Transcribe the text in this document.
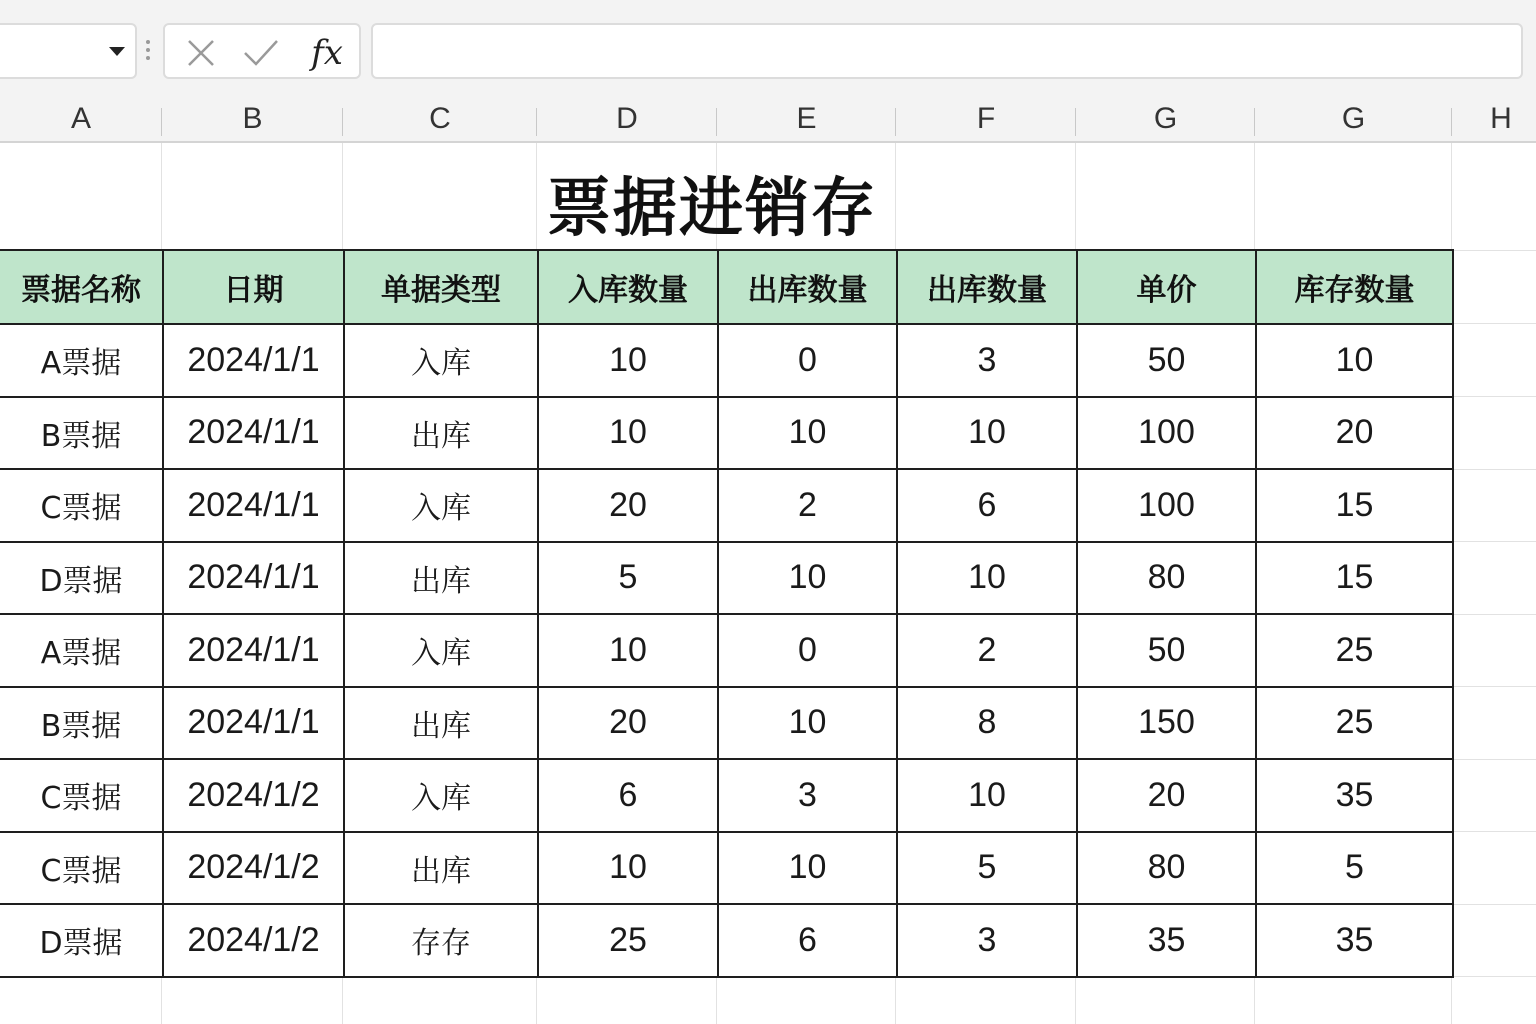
fx
A	B	C	D	E	F	G	G	H
票据进销存
票据名称	日期	单据类型	入库数量	出库数量	出库数量	单价	库存数量
A票据	2024/1/1	入库	10	0	3	50	10
B票据	2024/1/1	出库	10	10	10	100	20
C票据	2024/1/1	入库	20	2	6	100	15
D票据	2024/1/1	出库	5	10	10	80	15
A票据	2024/1/1	入库	10	0	2	50	25
B票据	2024/1/1	出库	20	10	8	150	25
C票据	2024/1/2	入库	6	3	10	20	35
C票据	2024/1/2	出库	10	10	5	80	5
D票据	2024/1/2	存存	25	6	3	35	35
